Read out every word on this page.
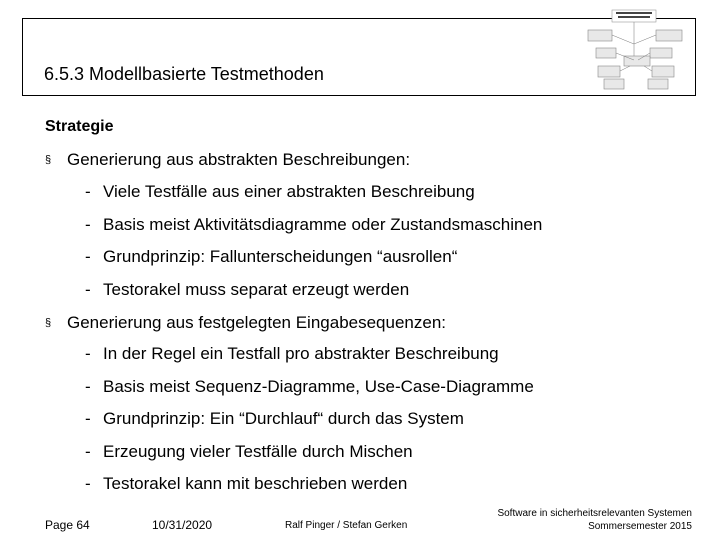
6.5.3 Modellbasierte Testmethoden
Strategie
§ Generierung aus abstrakten Beschreibungen:
- Viele Testfälle aus einer abstrakten Beschreibung
- Basis meist Aktivitätsdiagramme oder Zustandsmaschinen
- Grundprinzip: Fallunterscheidungen “ausrollen“
- Testorakel muss separat erzeugt werden
§ Generierung aus festgelegten Eingabesequenzen:
- In der Regel ein Testfall pro abstrakter Beschreibung
- Basis meist Sequenz-Diagramme, Use-Case-Diagramme
- Grundprinzip: Ein “Durchlauf“ durch das System
- Erzeugung vieler Testfälle durch Mischen
- Testorakel kann mit beschrieben werden
Page 64	10/31/2020	Ralf Pinger / Stefan Gerken
Software in sicherheitsrelevanten Systemen
Sommersemester 2015
